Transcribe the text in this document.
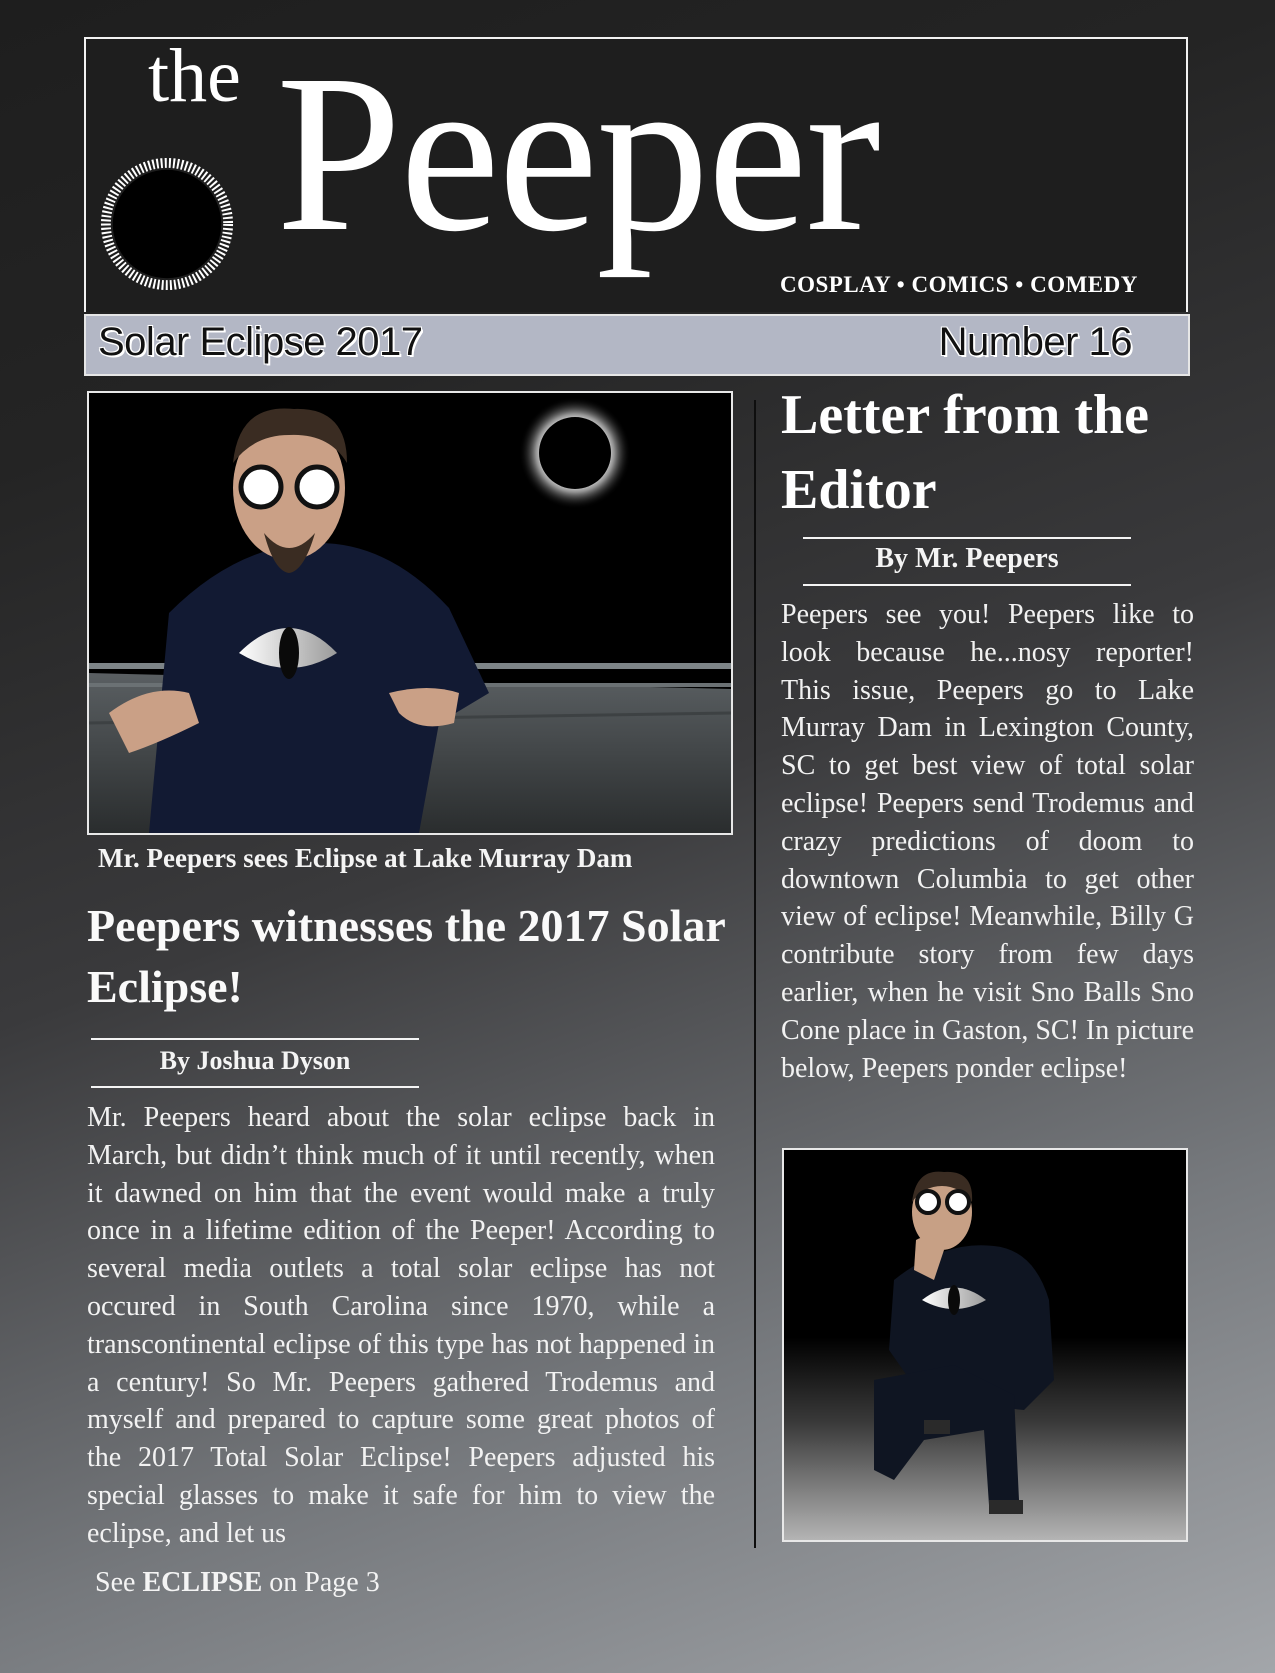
the Peeper
COSPLAY • COMICS • COMEDY
Solar Eclipse 2017	Number 16
Mr. Peepers sees Eclipse at Lake Murray Dam
Peepers witnesses the 2017 Solar Eclipse!
By Joshua Dyson
Mr. Peepers heard about the solar eclipse back in March, but didn’t think much of it until recently, when it dawned on him that the event would make a truly once in a lifetime edition of the Peeper! According to several media outlets a total solar eclipse has not occured in South Carolina since 1970, while a transcontinental eclipse of this type has not happened in a century! So Mr. Peepers gathered Trodemus and myself and prepared to capture some great photos of the 2017 Total Solar Eclipse! Peepers adjusted his special glasses to make it safe for him to view the eclipse, and let us
See ECLIPSE on Page 3
Letter from the Editor
By Mr. Peepers
Peepers see you! Peepers like to look because he...nosy reporter! This issue, Peepers go to Lake Murray Dam in Lexington County, SC to get best view of total solar eclipse! Peepers send Trodemus and crazy predictions of doom to downtown Columbia to get other view of eclipse! Meanwhile, Billy G contribute story from few days earlier, when he visit Sno Balls Sno Cone place in Gaston, SC! In picture below, Peepers ponder eclipse!
